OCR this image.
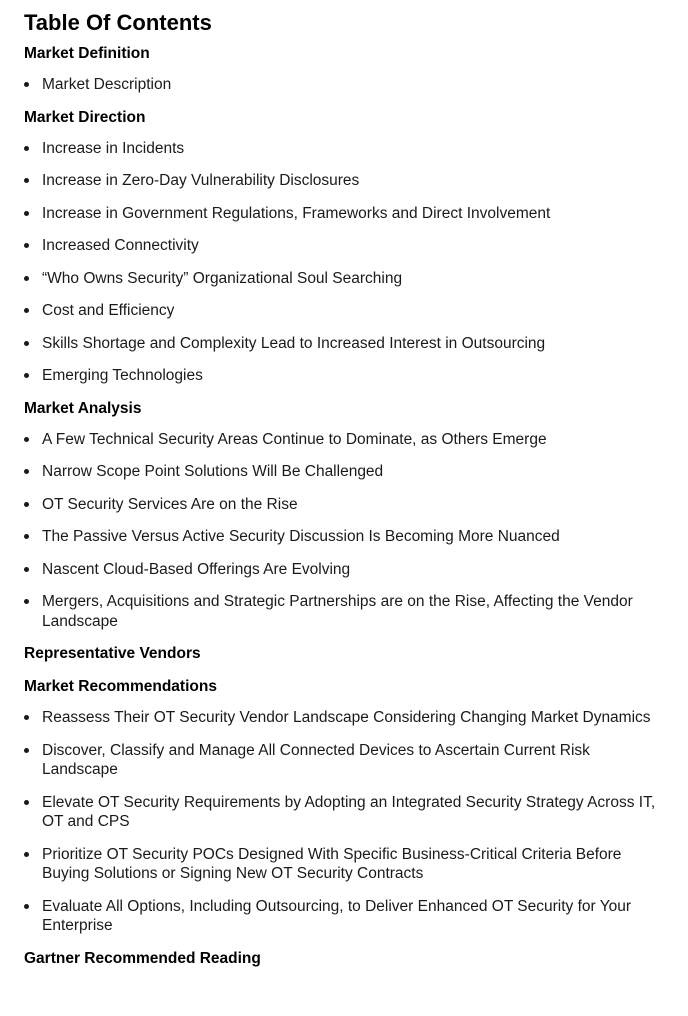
Table Of Contents
Market Definition
Market Description
Market Direction
Increase in Incidents
Increase in Zero-Day Vulnerability Disclosures
Increase in Government Regulations, Frameworks and Direct Involvement
Increased Connectivity
“Who Owns Security” Organizational Soul Searching
Cost and Efficiency
Skills Shortage and Complexity Lead to Increased Interest in Outsourcing
Emerging Technologies
Market Analysis
A Few Technical Security Areas Continue to Dominate, as Others Emerge
Narrow Scope Point Solutions Will Be Challenged
OT Security Services Are on the Rise
The Passive Versus Active Security Discussion Is Becoming More Nuanced
Nascent Cloud-Based Offerings Are Evolving
Mergers, Acquisitions and Strategic Partnerships are on the Rise, Affecting the Vendor Landscape
Representative Vendors
Market Recommendations
Reassess Their OT Security Vendor Landscape Considering Changing Market Dynamics
Discover, Classify and Manage All Connected Devices to Ascertain Current Risk Landscape
Elevate OT Security Requirements by Adopting an Integrated Security Strategy Across IT, OT and CPS
Prioritize OT Security POCs Designed With Specific Business-Critical Criteria Before Buying Solutions or Signing New OT Security Contracts
Evaluate All Options, Including Outsourcing, to Deliver Enhanced OT Security for Your Enterprise
Gartner Recommended Reading
